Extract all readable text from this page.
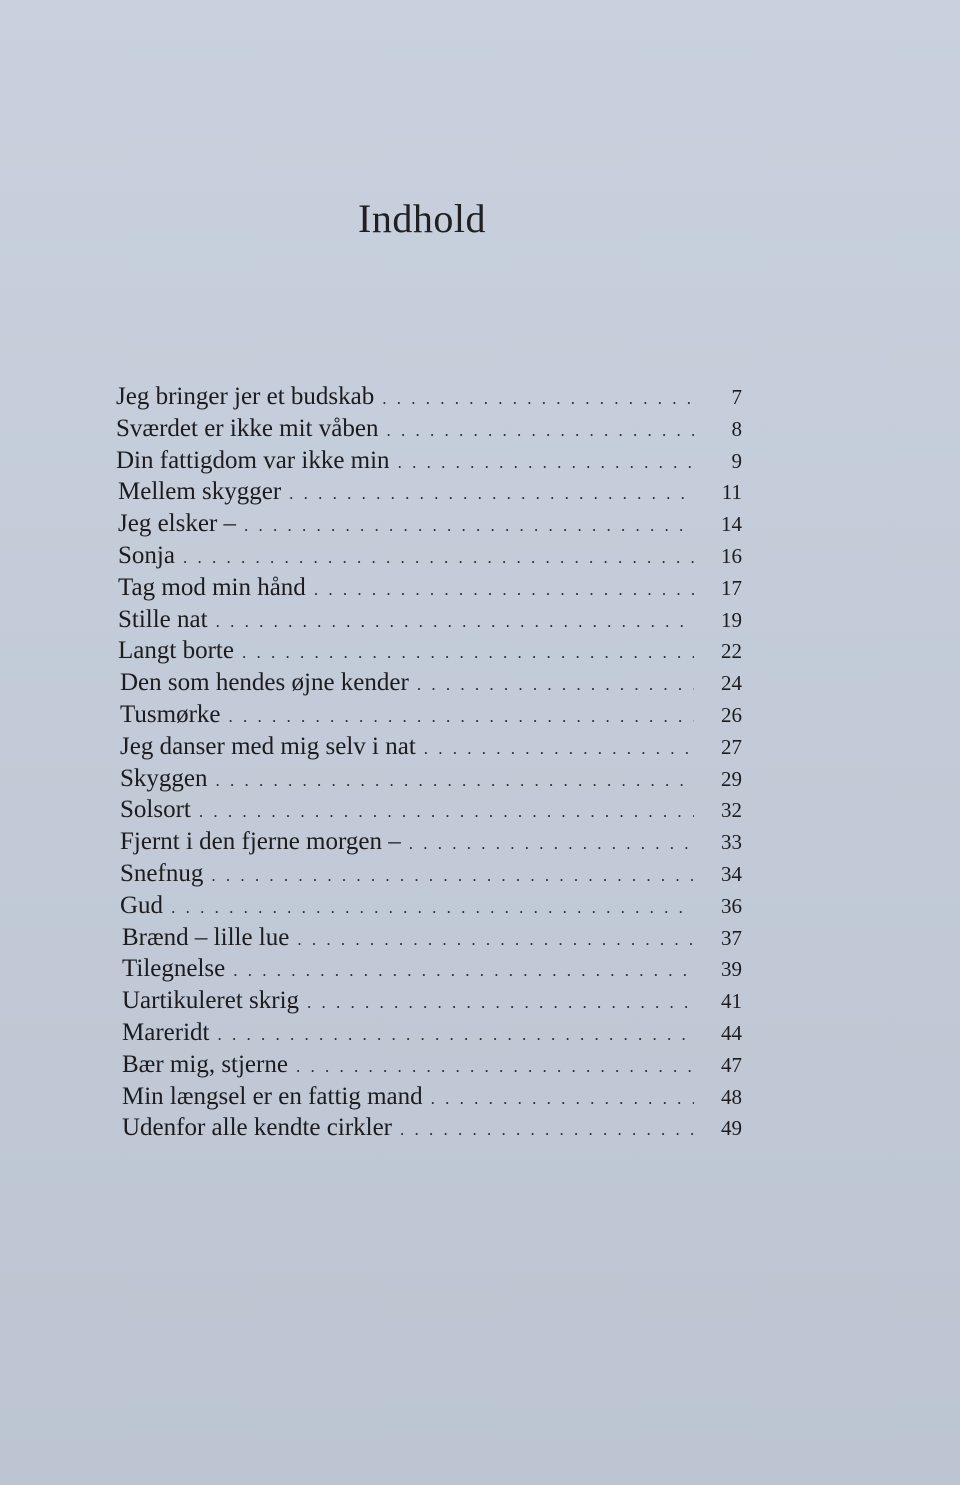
Indhold
Jeg bringer jer et budskab . . .	7
Sværdet er ikke mit våben . . .	8
Din fattigdom var ikke min . . .	9
Mellem skygger . . .	11
Jeg elsker – . . .	14
Sonja . . .	16
Tag mod min hånd . . .	17
Stille nat . . .	19
Langt borte . . .	22
Den som hendes øjne kender . . .	24
Tusmørke . . .	26
Jeg danser med mig selv i nat . . .	27
Skyggen . . .	29
Solsort . . .	32
Fjernt i den fjerne morgen – . . .	33
Snefnug . . .	34
Gud . . .	36
Brænd – lille lue . . .	37
Tilegnelse . . .	39
Uartikuleret skrig . . .	41
Mareridt . . .	44
Bær mig, stjerne . . .	47
Min længsel er en fattig mand . . .	48
Udenfor alle kendte cirkler . . .	49
